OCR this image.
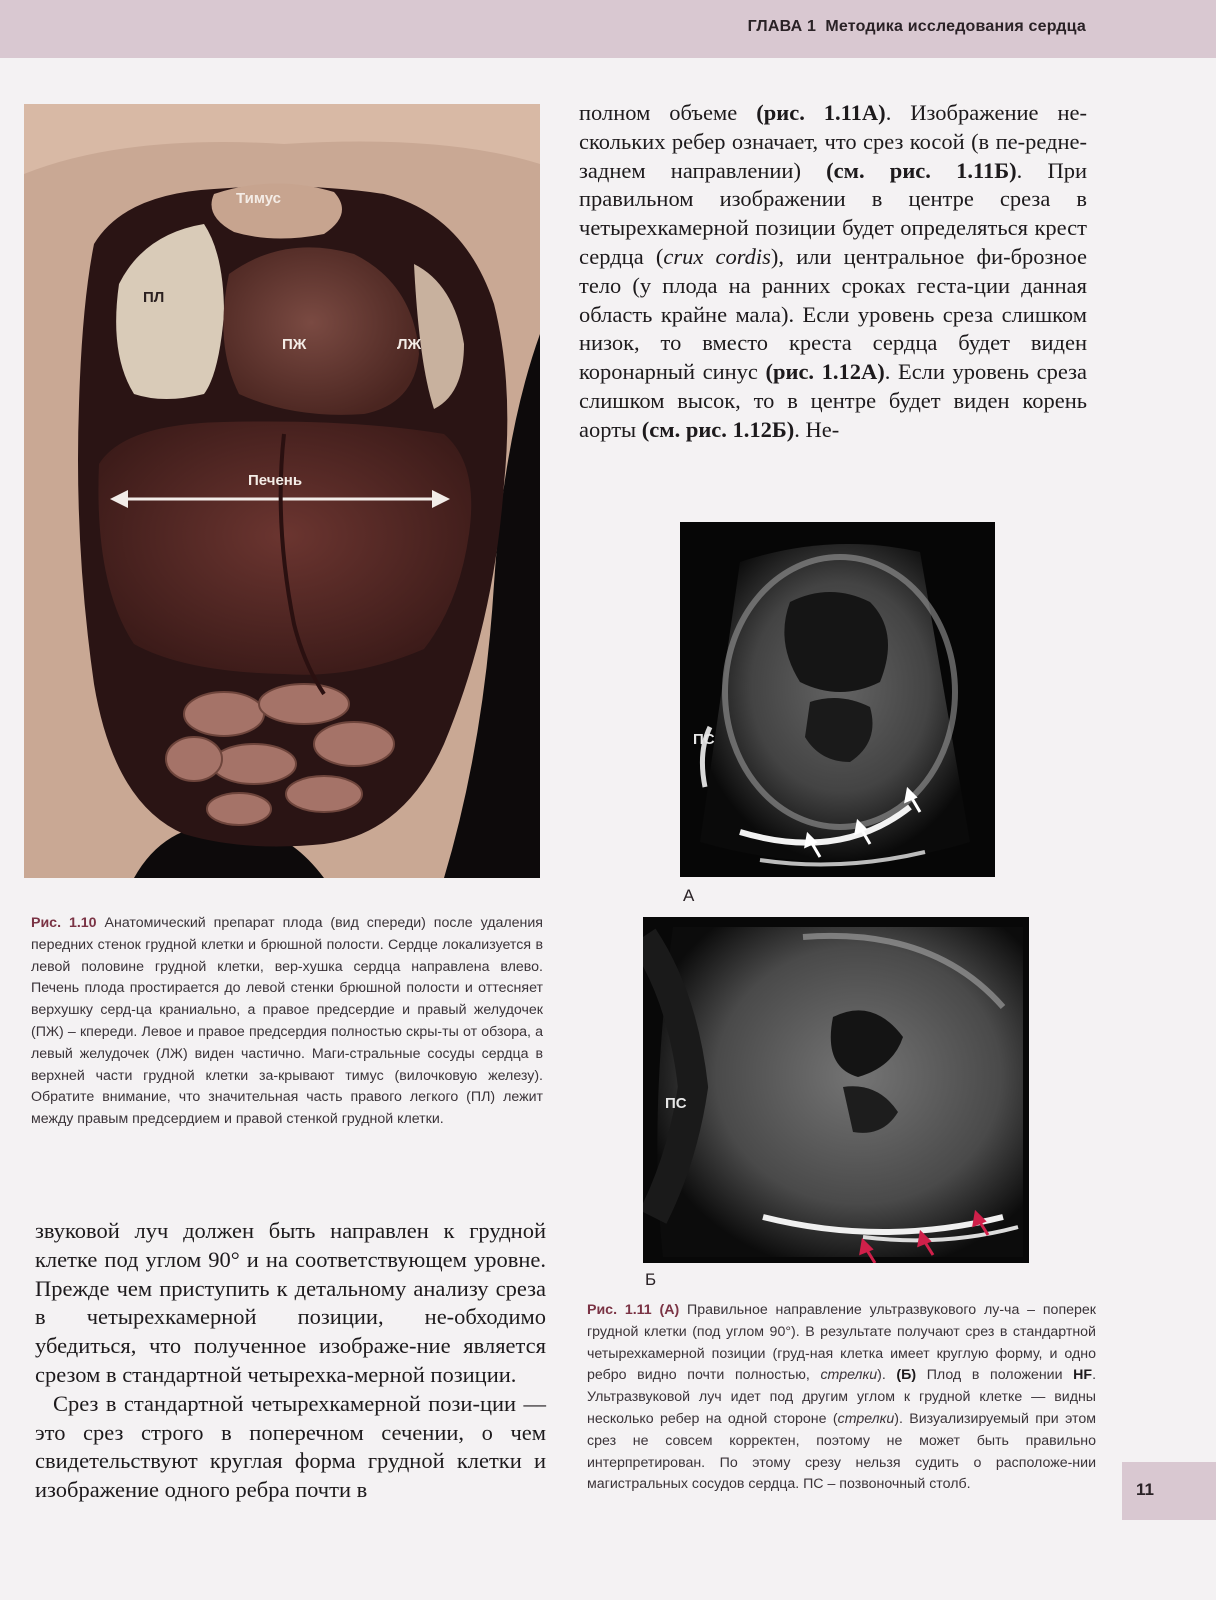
ГЛАВА 1 Методика исследования сердца

полном объеме (рис. 1.11А). Изображение не-скольких ребер означает, что срез косой (в пе-редне-заднем направлении) (см. рис. 1.11Б). При правильном изображении в центре среза в четырехкамерной позиции будет определяться крест сердца (crux cordis), или центральное фи-брозное тело (у плода на ранних сроках геста-ции данная область крайне мала). Если уровень среза слишком низок, то вместо креста сердца будет виден коронарный синус (рис. 1.12А). Если уровень среза слишком высок, то в центре будет виден корень аорты (см. рис. 1.12Б). Не-

Тимус
ПЛ
ПЖ	ЛЖ
Печень
Рис. 1.10 Анатомический препарат плода (вид спереди) после удаления передних стенок грудной клетки и брюшной полости. Сердце локализуется в левой половине грудной клетки, вер-хушка сердца направлена влево. Печень плода простирается до левой стенки брюшной полости и оттесняет верхушку серд-ца краниально, а правое предсердие и правый желудочек (ПЖ) – кпереди. Левое и правое предсердия полностью скры-ты от обзора, а левый желудочек (ЛЖ) виден частично. Маги-стральные сосуды сердца в верхней части грудной клетки за-крывают тимус (вилочковую железу). Обратите внимание, что значительная часть правого легкого (ПЛ) лежит между правым предсердием и правой стенкой грудной клетки.

звуковой луч должен быть направлен к грудной клетке под углом 90° и на соответствующем уровне. Прежде чем приступить к детальному анализу среза в четырехкамерной позиции, не-обходимо убедиться, что полученное изображе-ние является срезом в стандартной четырехка-мерной позиции.

Срез в стандартной четырехкамерной пози-ции — это срез строго в поперечном сечении, о чем свидетельствуют круглая форма грудной клетки и изображение одного ребра почти в

ПС
А
ПС
Б
Рис. 1.11 (А) Правильное направление ультразвукового лу-ча – поперек грудной клетки (под углом 90°). В результате получают срез в стандартной четырехкамерной позиции (груд-ная клетка имеет круглую форму, и одно ребро видно почти полностью, стрелки). (Б) Плод в положении HF. Ультразвуковой луч идет под другим углом к грудной клетке — видны несколько ребер на одной стороне (стрелки). Визуализируемый при этом срез не совсем корректен, поэтому не может быть правильно интерпретирован. По этому срезу нельзя судить о расположе-нии магистральных сосудов сердца. ПС – позвоночный столб.	11
